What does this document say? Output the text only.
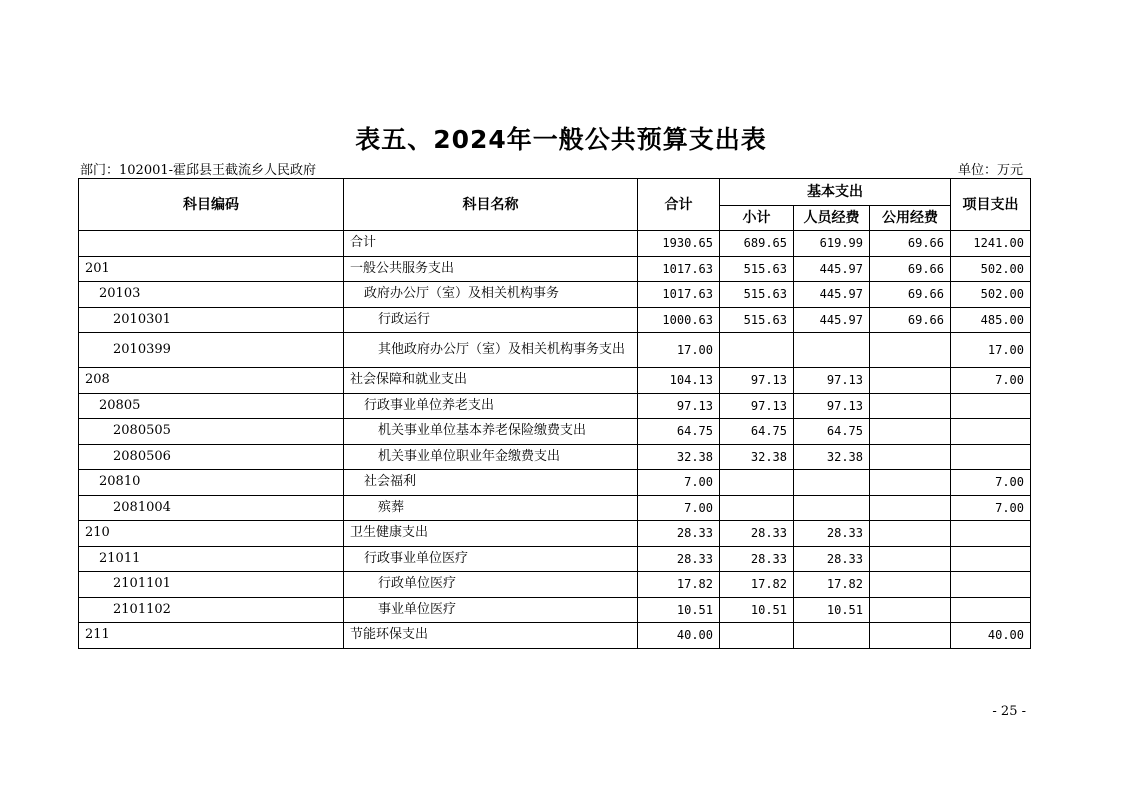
表五、2024年一般公共预算支出表
部门：102001-霍邱县王截流乡人民政府	单位：万元
科目编码	科目名称	合计	基本支出			项目支出
			小计	人员经费	公用经费	
	合计	1930.65	689.65	619.99	69.66	1241.00
201	一般公共服务支出	1017.63	515.63	445.97	69.66	502.00
20103	政府办公厅（室）及相关机构事务	1017.63	515.63	445.97	69.66	502.00
2010301	行政运行	1000.63	515.63	445.97	69.66	485.00
2010399	其他政府办公厅（室）及相关机构事务支出	17.00				17.00
208	社会保障和就业支出	104.13	97.13	97.13		7.00
20805	行政事业单位养老支出	97.13	97.13	97.13		
2080505	机关事业单位基本养老保险缴费支出	64.75	64.75	64.75		
2080506	机关事业单位职业年金缴费支出	32.38	32.38	32.38		
20810	社会福利	7.00				7.00
2081004	殡葬	7.00				7.00
210	卫生健康支出	28.33	28.33	28.33		
21011	行政事业单位医疗	28.33	28.33	28.33		
2101101	行政单位医疗	17.82	17.82	17.82		
2101102	事业单位医疗	10.51	10.51	10.51		
211	节能环保支出	40.00				40.00
- 25 -
